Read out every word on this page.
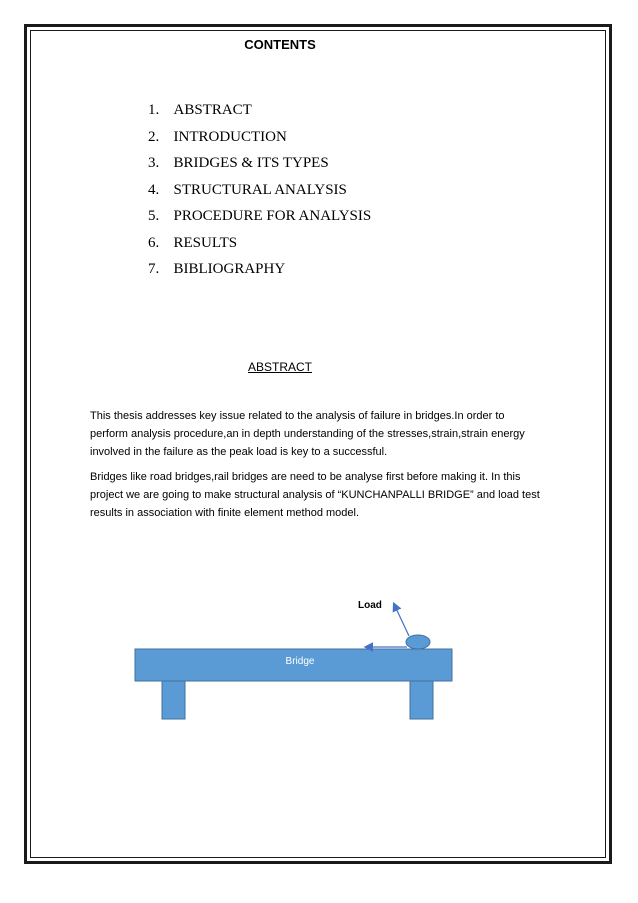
CONTENTS
1. ABSTRACT
2. INTRODUCTION
3. BRIDGES & ITS TYPES
4. STRUCTURAL ANALYSIS
5. PROCEDURE FOR ANALYSIS
6. RESULTS
7. BIBLIOGRAPHY
ABSTRACT

This thesis addresses key issue related to the analysis of failure in bridges.In order to
perform analysis procedure,an in depth understanding of the stresses,strain,strain energy
involved in the failure as the peak load is key to a successful.

Bridges like road bridges,rail bridges are need to be analyse first before making it. In this
project we are going to make structural analysis of “KUNCHANPALLI BRIDGE” and load test
results in association with finite element method model.

Bridge
Load
